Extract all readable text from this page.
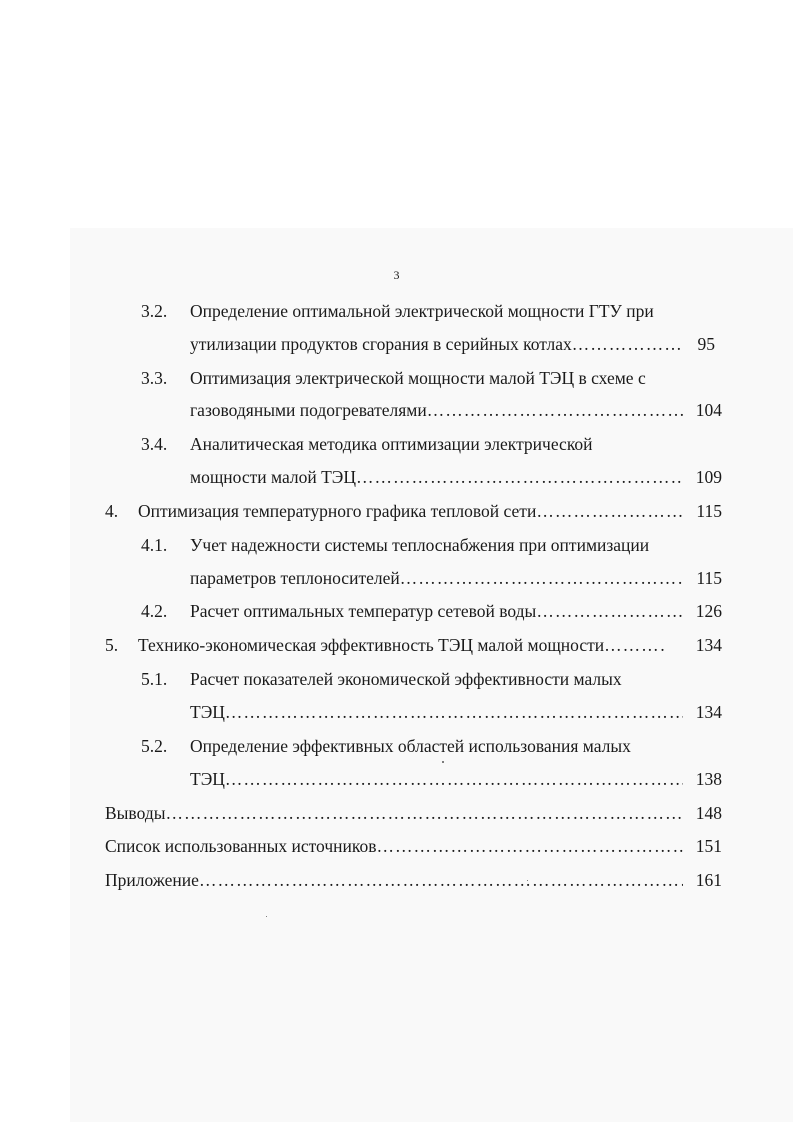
3
3.2. Определение оптимальной электрической мощности ГТУ при
утилизации продуктов сгорания в серийных котлах ……………………………………………………………………………………………………………………………………	95
3.3. Оптимизация электрической мощности малой ТЭЦ в схеме с
газоводяными подогревателями ……………………………………………………………………………………………………………………………………	104
3.4. Аналитическая методика оптимизации электрической
мощности малой ТЭЦ ……………………………………………………………………………………………………………………………………	109
4. Оптимизация температурного графика тепловой сети ……………………………………………………………………………………………………………………………………	115
4.1. Учет надежности системы теплоснабжения при оптимизации
параметров теплоносителей ……………………………………………………………………………………………………………………………………	115
4.2. Расчет оптимальных температур сетевой воды ……………………………………………………………………………………………………………………………………	126
5. Технико-экономическая эффективность ТЭЦ малой мощности ……………………………………………………………………………………………………………………………………	134
5.1. Расчет показателей экономической эффективности малых
ТЭЦ ……………………………………………………………………………………………………………………………………	134
5.2. Определение эффективных областей использования малых
ТЭЦ ……………………………………………………………………………………………………………………………………	138
Выводы ……………………………………………………………………………………………………………………………………	148
Список использованных источников ……………………………………………………………………………………………………………………………………	151
Приложение ……………………………………………………………………………………………………………………………………	161
